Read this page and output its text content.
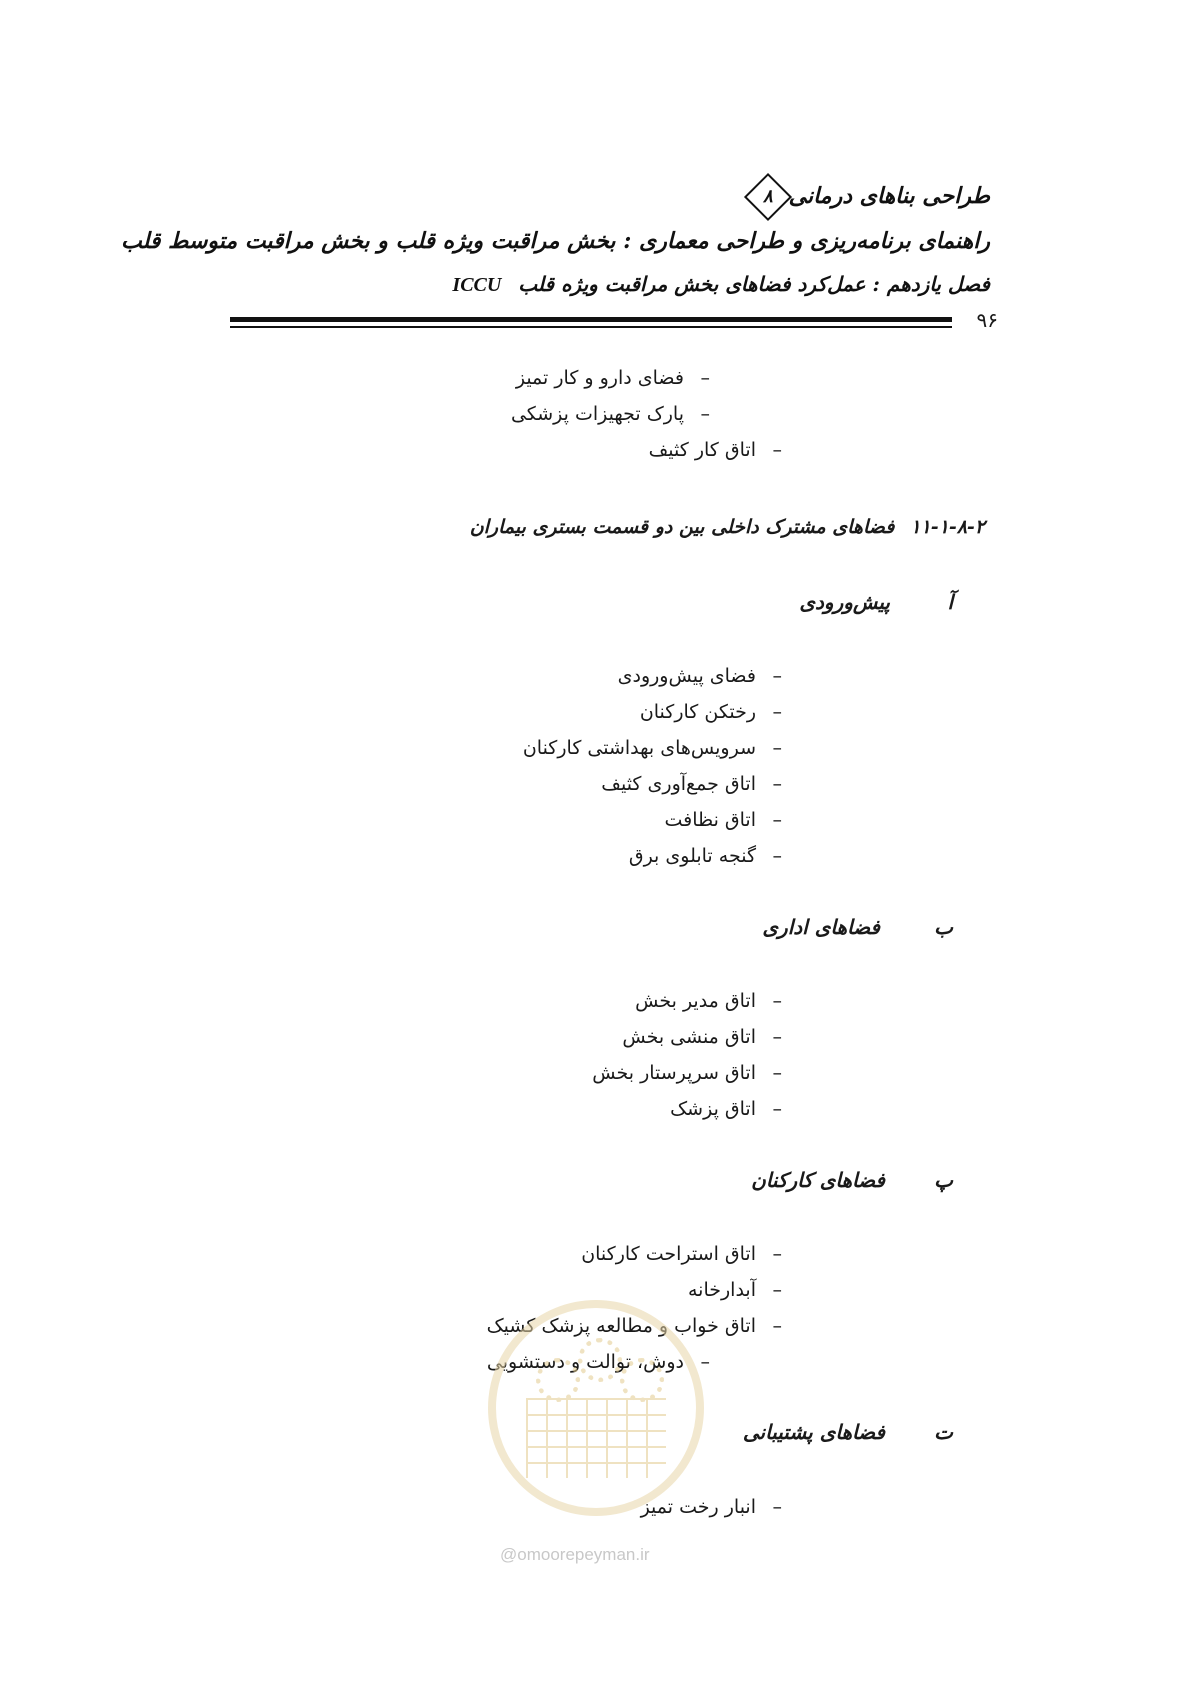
طراحی بناهای درمانی۸
راهنمای برنامه‌ریزی و طراحی معماری : بخش مراقبت ویژه قلب و بخش مراقبت متوسط قلب
فصل یازدهم : عمل‌کرد فضاهای بخش مراقبت ویژه قلب ICCU
۹۶
–فضای دارو و کار تمیز
–پارک تجهیزات پزشکی
–اتاق کار کثیف
۱۱-۱-۸-۲فضاهای مشترک داخلی بین دو قسمت بستری بیماران
آ
پیش‌ورودی
–فضای پیش‌ورودی
–رختکن کارکنان
–سرویس‌های بهداشتی کارکنان
–اتاق جمع‌آوری کثیف
–اتاق نظافت
–گنجه تابلوی برق
ب
فضاهای اداری
–اتاق مدیر بخش
–اتاق منشی بخش
–اتاق سرپرستار بخش
–اتاق پزشک
پ
فضاهای کارکنان
–اتاق استراحت کارکنان
–آبدارخانه
–اتاق خواب و مطالعه پزشک کشیک
–دوش، توالت و دستشویی
ت
فضاهای پشتیبانی
–انبار رخت تمیز
@omoorepeyman.ir
